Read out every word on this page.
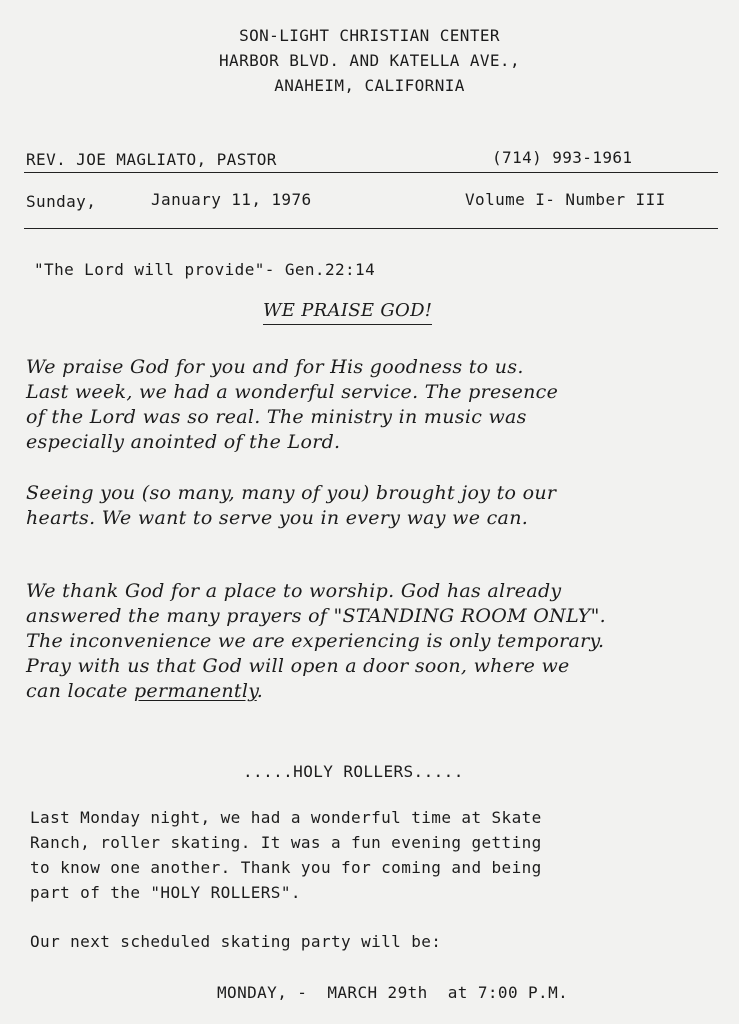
SON-LIGHT CHRISTIAN CENTER
HARBOR BLVD. AND KATELLA AVE.,
ANAHEIM, CALIFORNIA
REV. JOE MAGLIATO, PASTOR	(714) 993-1961
Sunday,	January 11, 1976	Volume I- Number III
"The Lord will provide"- Gen.22:14
WE PRAISE GOD!
We praise God for you and for His goodness to us.
Last week, we had a wonderful service. The presence
of the Lord was so real. The ministry in music was
especially anointed of the Lord.
Seeing you (so many, many of you) brought joy to our
hearts. We want to serve you in every way we can.
We thank God for a place to worship. God has already
answered the many prayers of "STANDING ROOM ONLY".
The inconvenience we are experiencing is only temporary.
Pray with us that God will open a door soon, where we
can locate permanently.
.....HOLY ROLLERS.....
Last Monday night, we had a wonderful time at Skate
Ranch, roller skating. It was a fun evening getting
to know one another. Thank you for coming and being
part of the "HOLY ROLLERS".
Our next scheduled skating party will be:
MONDAY, -  MARCH 29th  at 7:00 P.M.
